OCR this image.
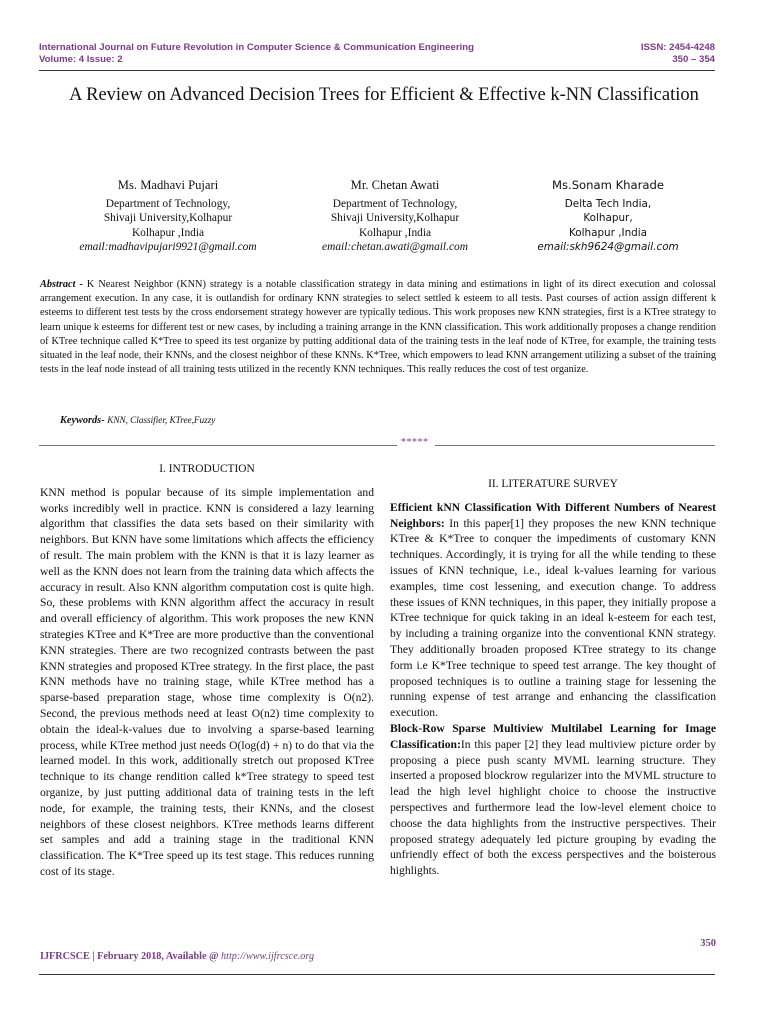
International Journal on Future Revolution in Computer Science & Communication Engineering
Volume: 4 Issue: 2
ISSN: 2454-4248
350 – 354
A Review on Advanced Decision Trees for Efficient & Effective k-NN Classification
Ms. Madhavi Pujari
Department of Technology,
Shivaji University,Kolhapur
Kolhapur ,India
email:madhavipujari9921@gmail.com
Mr. Chetan Awati
Department of Technology,
Shivaji University,Kolhapur
Kolhapur ,India
email:chetan.awati@gmail.com
Ms.Sonam Kharade
Delta Tech India,
Kolhapur,
Kolhapur ,India
email:skh9624@gmail.com
Abstract - K Nearest Neighbor (KNN) strategy is a notable classification strategy in data mining and estimations in light of its direct execution and colossal arrangement execution. In any case, it is outlandish for ordinary KNN strategies to select settled k esteem to all tests. Past courses of action assign different k esteems to different test tests by the cross endorsement strategy however are typically tedious. This work proposes new KNN strategies, first is a KTree strategy to learn unique k esteems for different test or new cases, by including a training arrange in the KNN classification. This work additionally proposes a change rendition of KTree technique called K*Tree to speed its test organize by putting additional data of the training tests in the leaf node of KTree, for example, the training tests situated in the leaf node, their KNNs, and the closest neighbor of these KNNs. K*Tree, which empowers to lead KNN arrangement utilizing a subset of the training tests in the leaf node instead of all training tests utilized in the recently KNN techniques. This really reduces the cost of test organize.
Keywords- KNN, Classifier, KTree,Fuzzy
*****
I. INTRODUCTION

KNN method is popular because of its simple implementation and works incredibly well in practice. KNN is considered a lazy learning algorithm that classifies the data sets based on their similarity with neighbors. But KNN have some limitations which affects the efficiency of result. The main problem with the KNN is that it is lazy learner as well as the KNN does not learn from the training data which affects the accuracy in result. Also KNN algorithm computation cost is quite high. So, these problems with KNN algorithm affect the accuracy in result and overall efficiency of algorithm. This work proposes the new KNN strategies KTree and K*Tree are more productive than the conventional KNN strategies. There are two recognized contrasts between the past KNN strategies and proposed KTree strategy. In the first place, the past KNN methods have no training stage, while KTree method has a sparse-based preparation stage, whose time complexity is O(n2). Second, the previous methods need at least O(n2) time complexity to obtain the ideal-k-values due to involving a sparse-based learning process, while KTree method just needs O(log(d) + n) to do that via the learned model. In this work, additionally stretch out proposed KTree technique to its change rendition called k*Tree strategy to speed test organize, by just putting additional data of training tests in the left node, for example, the training tests, their KNNs, and the closest neighbors of these closest neighbors. KTree methods learns different set samples and add a training stage in the traditional KNN classification. The K*Tree speed up its test stage. This reduces running cost of its stage.

II. LITERATURE SURVEY

Efficient kNN Classification With Different Numbers of Nearest Neighbors: In this paper[1] they proposes the new KNN technique KTree & K*Tree to conquer the impediments of customary KNN techniques. Accordingly, it is trying for all the while tending to these issues of KNN technique, i.e., ideal k-values learning for various examples, time cost lessening, and execution change. To address these issues of KNN techniques, in this paper, they initially propose a KTree technique for quick taking in an ideal k-esteem for each test, by including a training organize into the conventional KNN strategy. They additionally broaden proposed KTree strategy to its change form i.e K*Tree technique to speed test arrange. The key thought of proposed techniques is to outline a training stage for lessening the running expense of test arrange and enhancing the classification execution.

Block-Row Sparse Multiview Multilabel Learning for Image Classification:In this paper [2] they lead multiview picture order by proposing a piece push scanty MVML learning structure. They inserted a proposed blockrow regularizer into the MVML structure to lead the high level highlight choice to choose the instructive perspectives and furthermore lead the low-level element choice to choose the data highlights from the instructive perspectives. Their proposed strategy adequately led picture grouping by evading the unfriendly effect of both the excess perspectives and the boisterous highlights.

350
IJFRCSCE | February 2018, Available @ http://www.ijfrcsce.org
